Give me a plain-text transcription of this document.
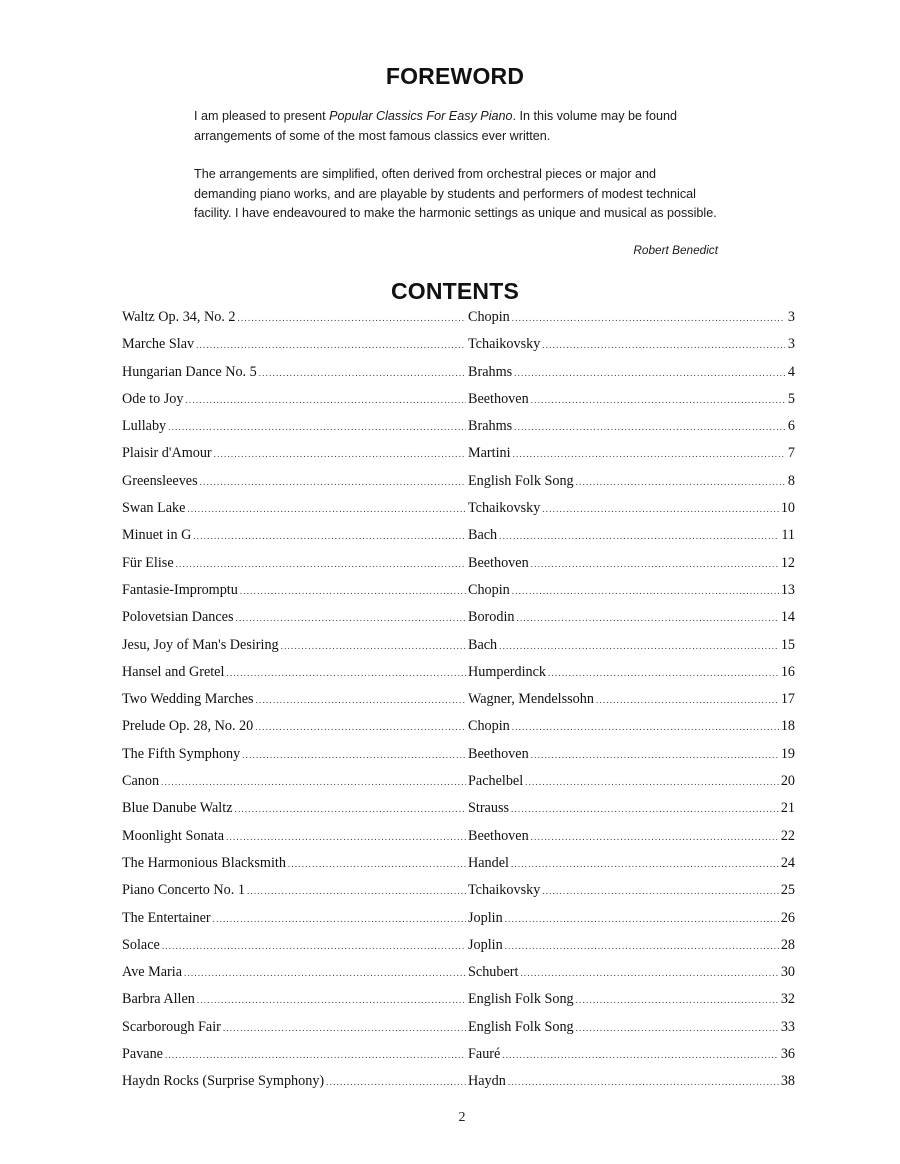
FOREWORD
I am pleased to present Popular Classics For Easy Piano. In this volume may be found arrangements of some of the most famous classics ever written.
The arrangements are simplified, often derived from orchestral pieces or major and demanding piano works, and are playable by students and performers of modest technical facility. I have endeavoured to make the harmonic settings as unique and musical as possible.
Robert Benedict
CONTENTS
Waltz Op. 34, No. 2 .....	Chopin .....	3
Marche Slav .....	Tchaikovsky .....	3
Hungarian Dance No. 5 .....	Brahms .....	4
Ode to Joy .....	Beethoven .....	5
Lullaby .....	Brahms .....	6
Plaisir d'Amour .....	Martini .....	7
Greensleeves .....	English Folk Song .....	8
Swan Lake .....	Tchaikovsky .....	10
Minuet in G .....	Bach .....	11
Für Elise .....	Beethoven .....	12
Fantasie-Impromptu .....	Chopin .....	13
Polovetsian Dances .....	Borodin .....	14
Jesu, Joy of Man's Desiring .....	Bach .....	15
Hansel and Gretel .....	Humperdinck .....	16
Two Wedding Marches .....	Wagner, Mendelssohn .....	17
Prelude Op. 28, No. 20 .....	Chopin .....	18
The Fifth Symphony .....	Beethoven .....	19
Canon .....	Pachelbel .....	20
Blue Danube Waltz .....	Strauss .....	21
Moonlight Sonata .....	Beethoven .....	22
The Harmonious Blacksmith .....	Handel .....	24
Piano Concerto No. 1 .....	Tchaikovsky .....	25
The Entertainer .....	Joplin .....	26
Solace .....	Joplin .....	28
Ave Maria .....	Schubert .....	30
Barbra Allen .....	English Folk Song .....	32
Scarborough Fair .....	English Folk Song .....	33
Pavane .....	Fauré .....	36
Haydn Rocks (Surprise Symphony) .....	Haydn .....	38
2
